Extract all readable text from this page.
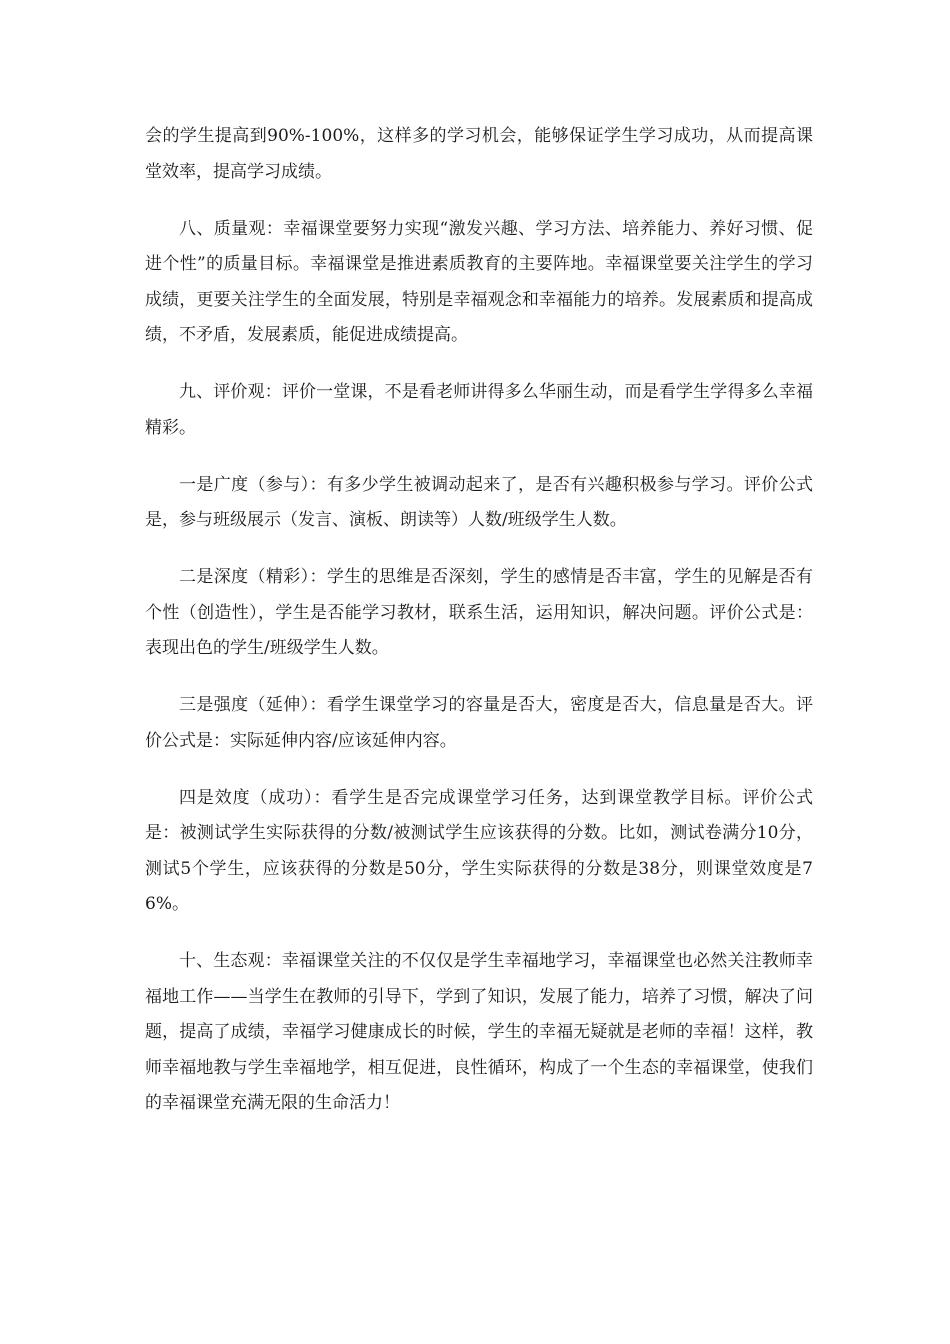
会的学生提高到90%-100%，这样多的学习机会，能够保证学生学习成功，从而提高课堂效率，提高学习成绩。

八、质量观：幸福课堂要努力实现“激发兴趣、学习方法、培养能力、养好习惯、促进个性”的质量目标。幸福课堂是推进素质教育的主要阵地。幸福课堂要关注学生的学习成绩，更要关注学生的全面发展，特别是幸福观念和幸福能力的培养。发展素质和提高成绩，不矛盾，发展素质，能促进成绩提高。

九、评价观：评价一堂课，不是看老师讲得多么华丽生动，而是看学生学得多么幸福精彩。

一是广度（参与）：有多少学生被调动起来了，是否有兴趣积极参与学习。评价公式是，参与班级展示（发言、演板、朗读等）人数/班级学生人数。

二是深度（精彩）：学生的思维是否深刻，学生的感情是否丰富，学生的见解是否有个性（创造性），学生是否能学习教材，联系生活，运用知识，解决问题。评价公式是：表现出色的学生/班级学生人数。

三是强度（延伸）：看学生课堂学习的容量是否大，密度是否大，信息量是否大。评价公式是：实际延伸内容/应该延伸内容。

四是效度（成功）：看学生是否完成课堂学习任务，达到课堂教学目标。评价公式是：被测试学生实际获得的分数/被测试学生应该获得的分数。比如，测试卷满分10分，测试5个学生，应该获得的分数是50分，学生实际获得的分数是38分，则课堂效度是76%。

十、生态观：幸福课堂关注的不仅仅是学生幸福地学习，幸福课堂也必然关注教师幸福地工作——当学生在教师的引导下，学到了知识，发展了能力，培养了习惯，解决了问题，提高了成绩，幸福学习健康成长的时候，学生的幸福无疑就是老师的幸福！这样，教师幸福地教与学生幸福地学，相互促进，良性循环，构成了一个生态的幸福课堂，使我们的幸福课堂充满无限的生命活力！
